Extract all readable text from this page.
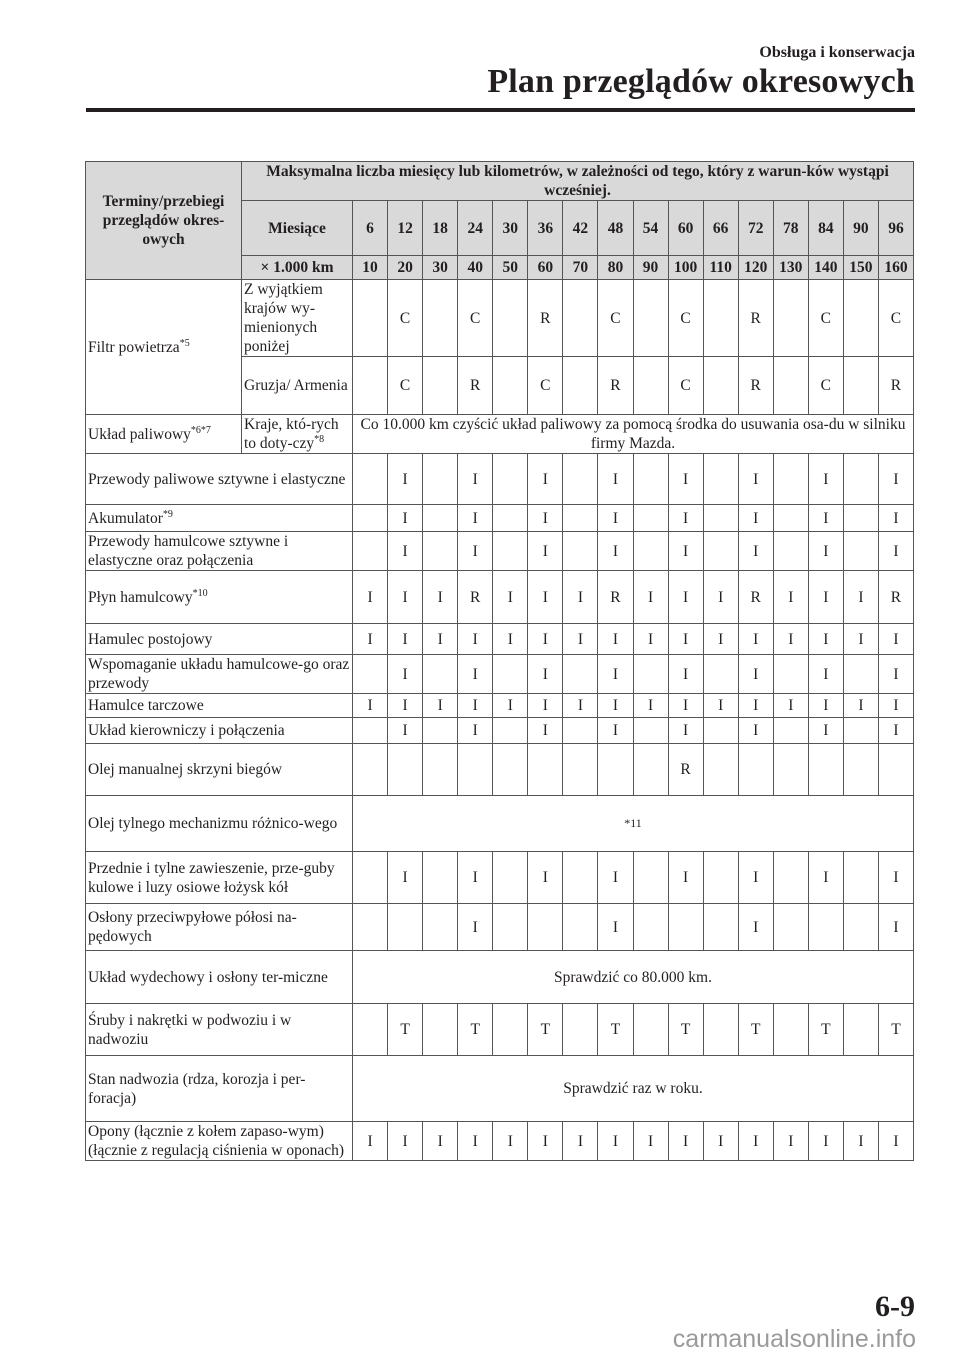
Obsługa i konserwacja
Plan przeglądów okresowych
Terminy/przebiegi przeglądów okres-owych	Maksymalna liczba miesięcy lub kilometrów, w zależności od tego, który z warun-ków wystąpi wcześniej.																
	Miesiące	6	12	18	24	30	36	42	48	54	60	66	72	78	84	90	96
	× 1.000 km	10	20	30	40	50	60	70	80	90	100	110	120	130	140	150	160
Filtr powietrza$^{*5}$	Z wyjątkiem krajów wy-mienionych poniżej		C		C		R		C		C		R		C		C
	Gruzja/ Armenia		C		R		C		R		C		R		C		R
Układ paliwowy$^{*6*7}$	Kraje, któ-rych to doty-czy$^{*8}$	Co 10.000 km czyścić układ paliwowy za pomocą środka do usuwania osa-du w silniku firmy Mazda.															
Przewody paliwowe sztywne i elastyczne			I		I		I		I		I		I		I		I
Akumulator$^{*9}$			I		I		I		I		I		I		I		I
Przewody hamulcowe sztywne i elastyczne oraz połączenia			I		I		I		I		I		I		I		I
Płyn hamulcowy$^{*10}$		I	I	I	R	I	I	I	R	I	I	I	R	I	I	I	R
Hamulec postojowy		I	I	I	I	I	I	I	I	I	I	I	I	I	I	I	I
Wspomaganie układu hamulcowe-go oraz przewody			I		I		I		I		I		I		I		I
Hamulce tarczowe		I	I	I	I	I	I	I	I	I	I	I	I	I	I	I	I
Układ kierowniczy i połączenia			I		I		I		I		I		I		I		I
Olej manualnej skrzyni biegów											R						
Olej tylnego mechanizmu różnico-wego		*11															
Przednie i tylne zawieszenie, prze-guby kulowe i luzy osiowe łożysk kół			I		I		I		I		I		I		I		I
Osłony przeciwpyłowe półosi na-pędowych					I				I				I				I
Układ wydechowy i osłony ter-miczne		Sprawdzić co 80.000 km.															
Śruby i nakrętki w podwoziu i w nadwoziu			T		T		T		T		T		T		T		T
Stan nadwozia (rdza, korozja i per-foracja)		Sprawdzić raz w roku.															
Opony (łącznie z kołem zapaso-wym) (łącznie z regulacją ciśnienia w oponach)		I	I	I	I	I	I	I	I	I	I	I	I	I	I	I	I
6-9
carmanualsonline.info
